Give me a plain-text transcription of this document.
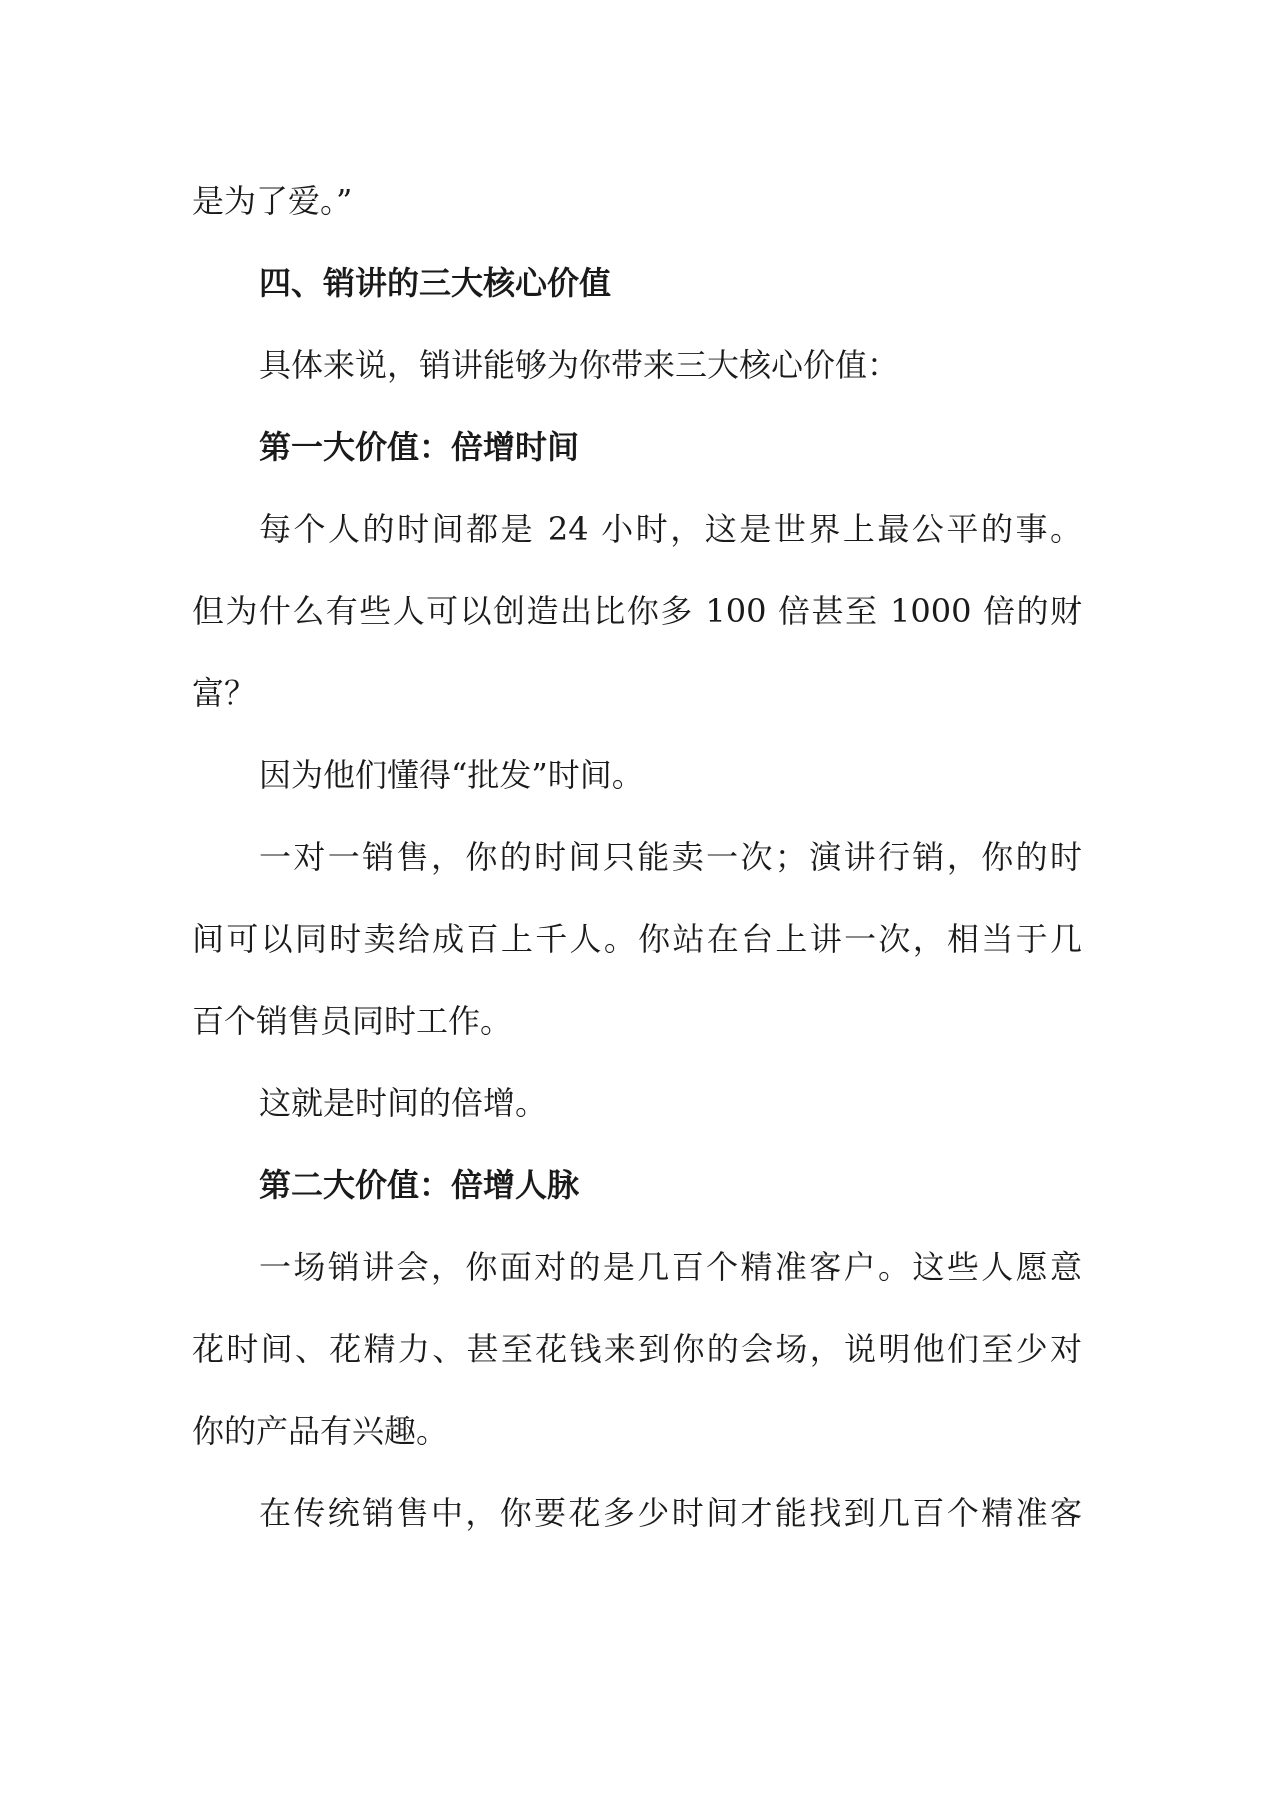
是为了爱。”
四、销讲的三大核心价值
具体来说，销讲能够为你带来三大核心价值：
第一大价值：倍增时间
每个人的时间都是 24 小时，这是世界上最公平的事。
但为什么有些人可以创造出比你多 100 倍甚至 1000 倍的财
富？
因为他们懂得“批发”时间。
一对一销售，你的时间只能卖一次；演讲行销，你的时
间可以同时卖给成百上千人。你站在台上讲一次，相当于几
百个销售员同时工作。
这就是时间的倍增。
第二大价值：倍增人脉
一场销讲会，你面对的是几百个精准客户。这些人愿意
花时间、花精力、甚至花钱来到你的会场，说明他们至少对
你的产品有兴趣。
在传统销售中，你要花多少时间才能找到几百个精准客
